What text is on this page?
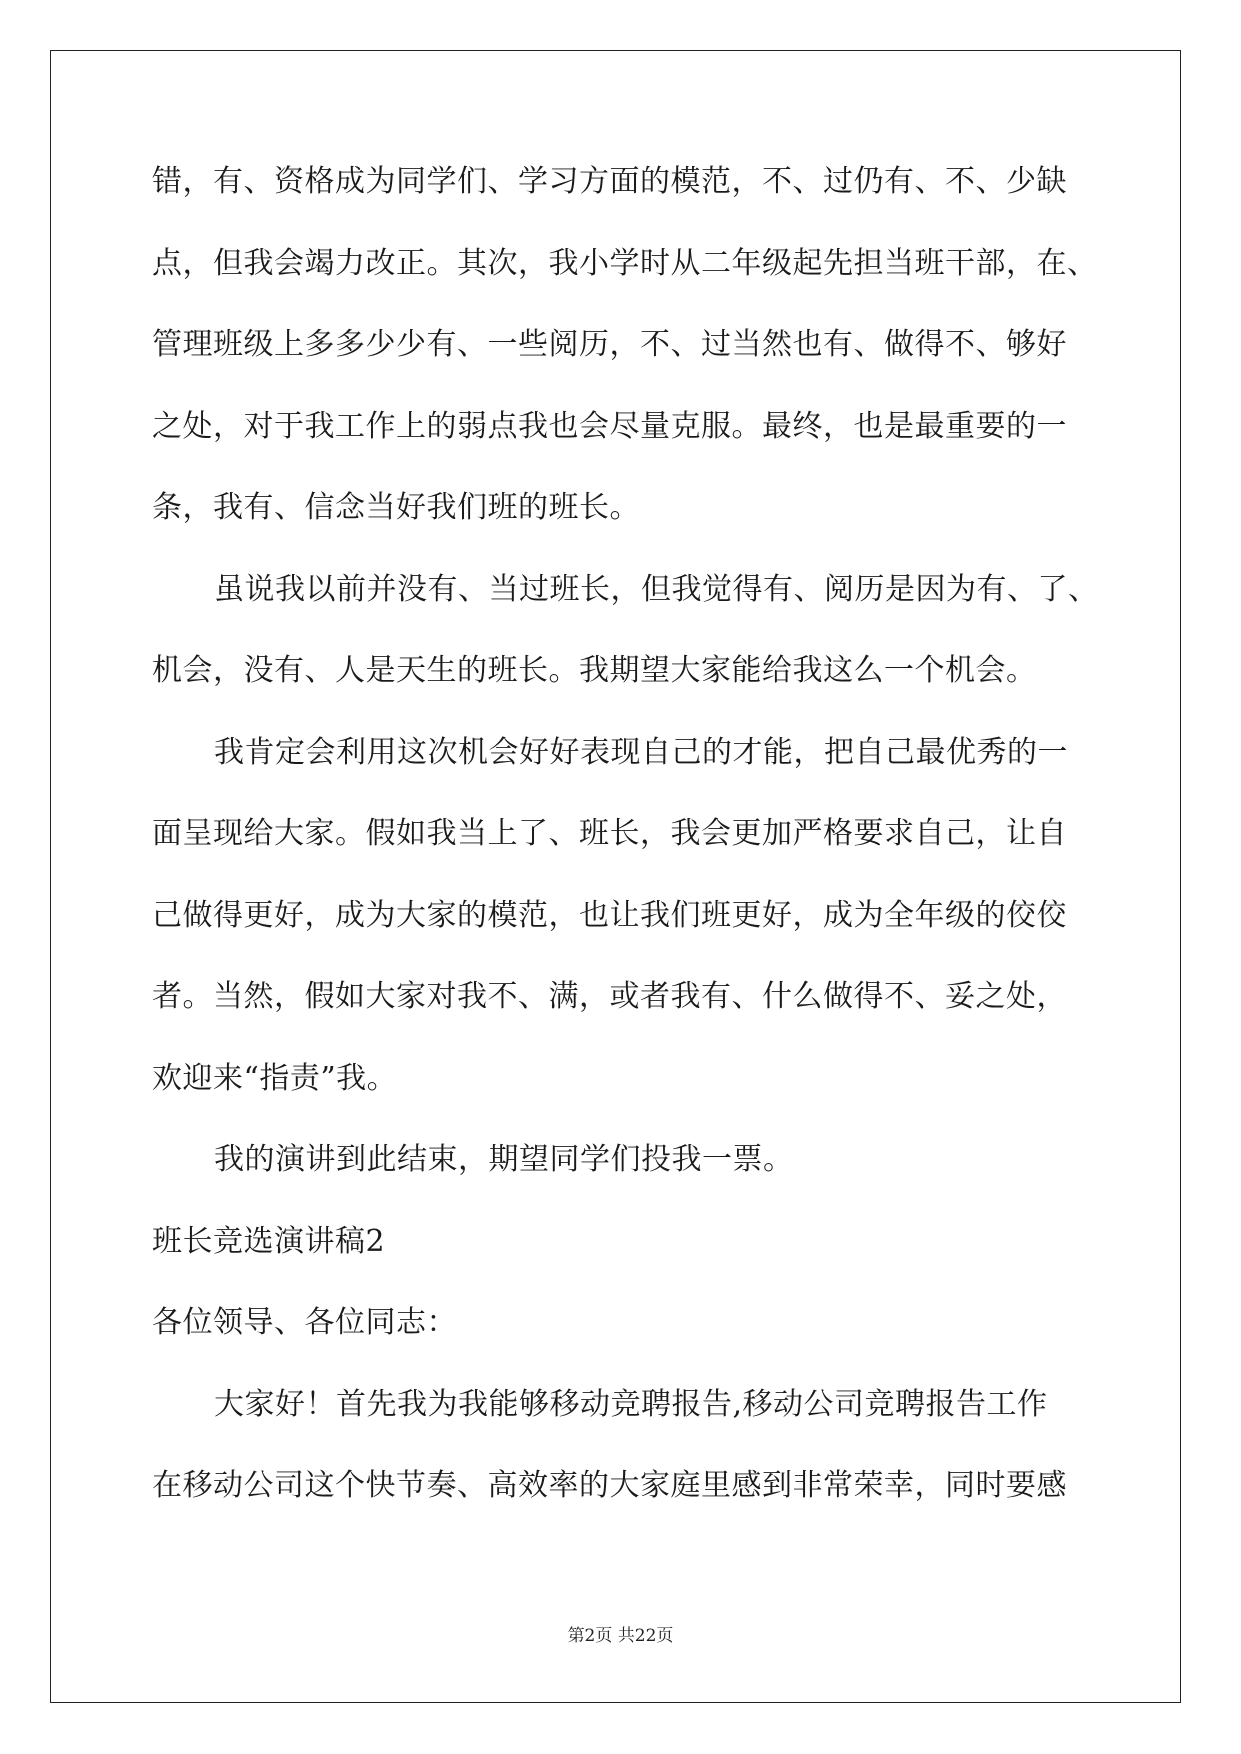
错，有、资格成为同学们、学习方面的模范，不、过仍有、不、少缺
点，但我会竭力改正。其次，我小学时从二年级起先担当班干部，在、
管理班级上多多少少有、一些阅历，不、过当然也有、做得不、够好
之处，对于我工作上的弱点我也会尽量克服。最终，也是最重要的一
条，我有、信念当好我们班的班长。
虽说我以前并没有、当过班长，但我觉得有、阅历是因为有、了、
机会，没有、人是天生的班长。我期望大家能给我这么一个机会。
我肯定会利用这次机会好好表现自己的才能，把自己最优秀的一
面呈现给大家。假如我当上了、班长，我会更加严格要求自己，让自
己做得更好，成为大家的模范，也让我们班更好，成为全年级的佼佼
者。当然，假如大家对我不、满，或者我有、什么做得不、妥之处，
欢迎来“指责”我。
我的演讲到此结束，期望同学们投我一票。
班长竞选演讲稿2
各位领导、各位同志：
大家好！首先我为我能够移动竞聘报告,移动公司竞聘报告工作
在移动公司这个快节奏、高效率的大家庭里感到非常荣幸，同时要感
第2页 共22页
